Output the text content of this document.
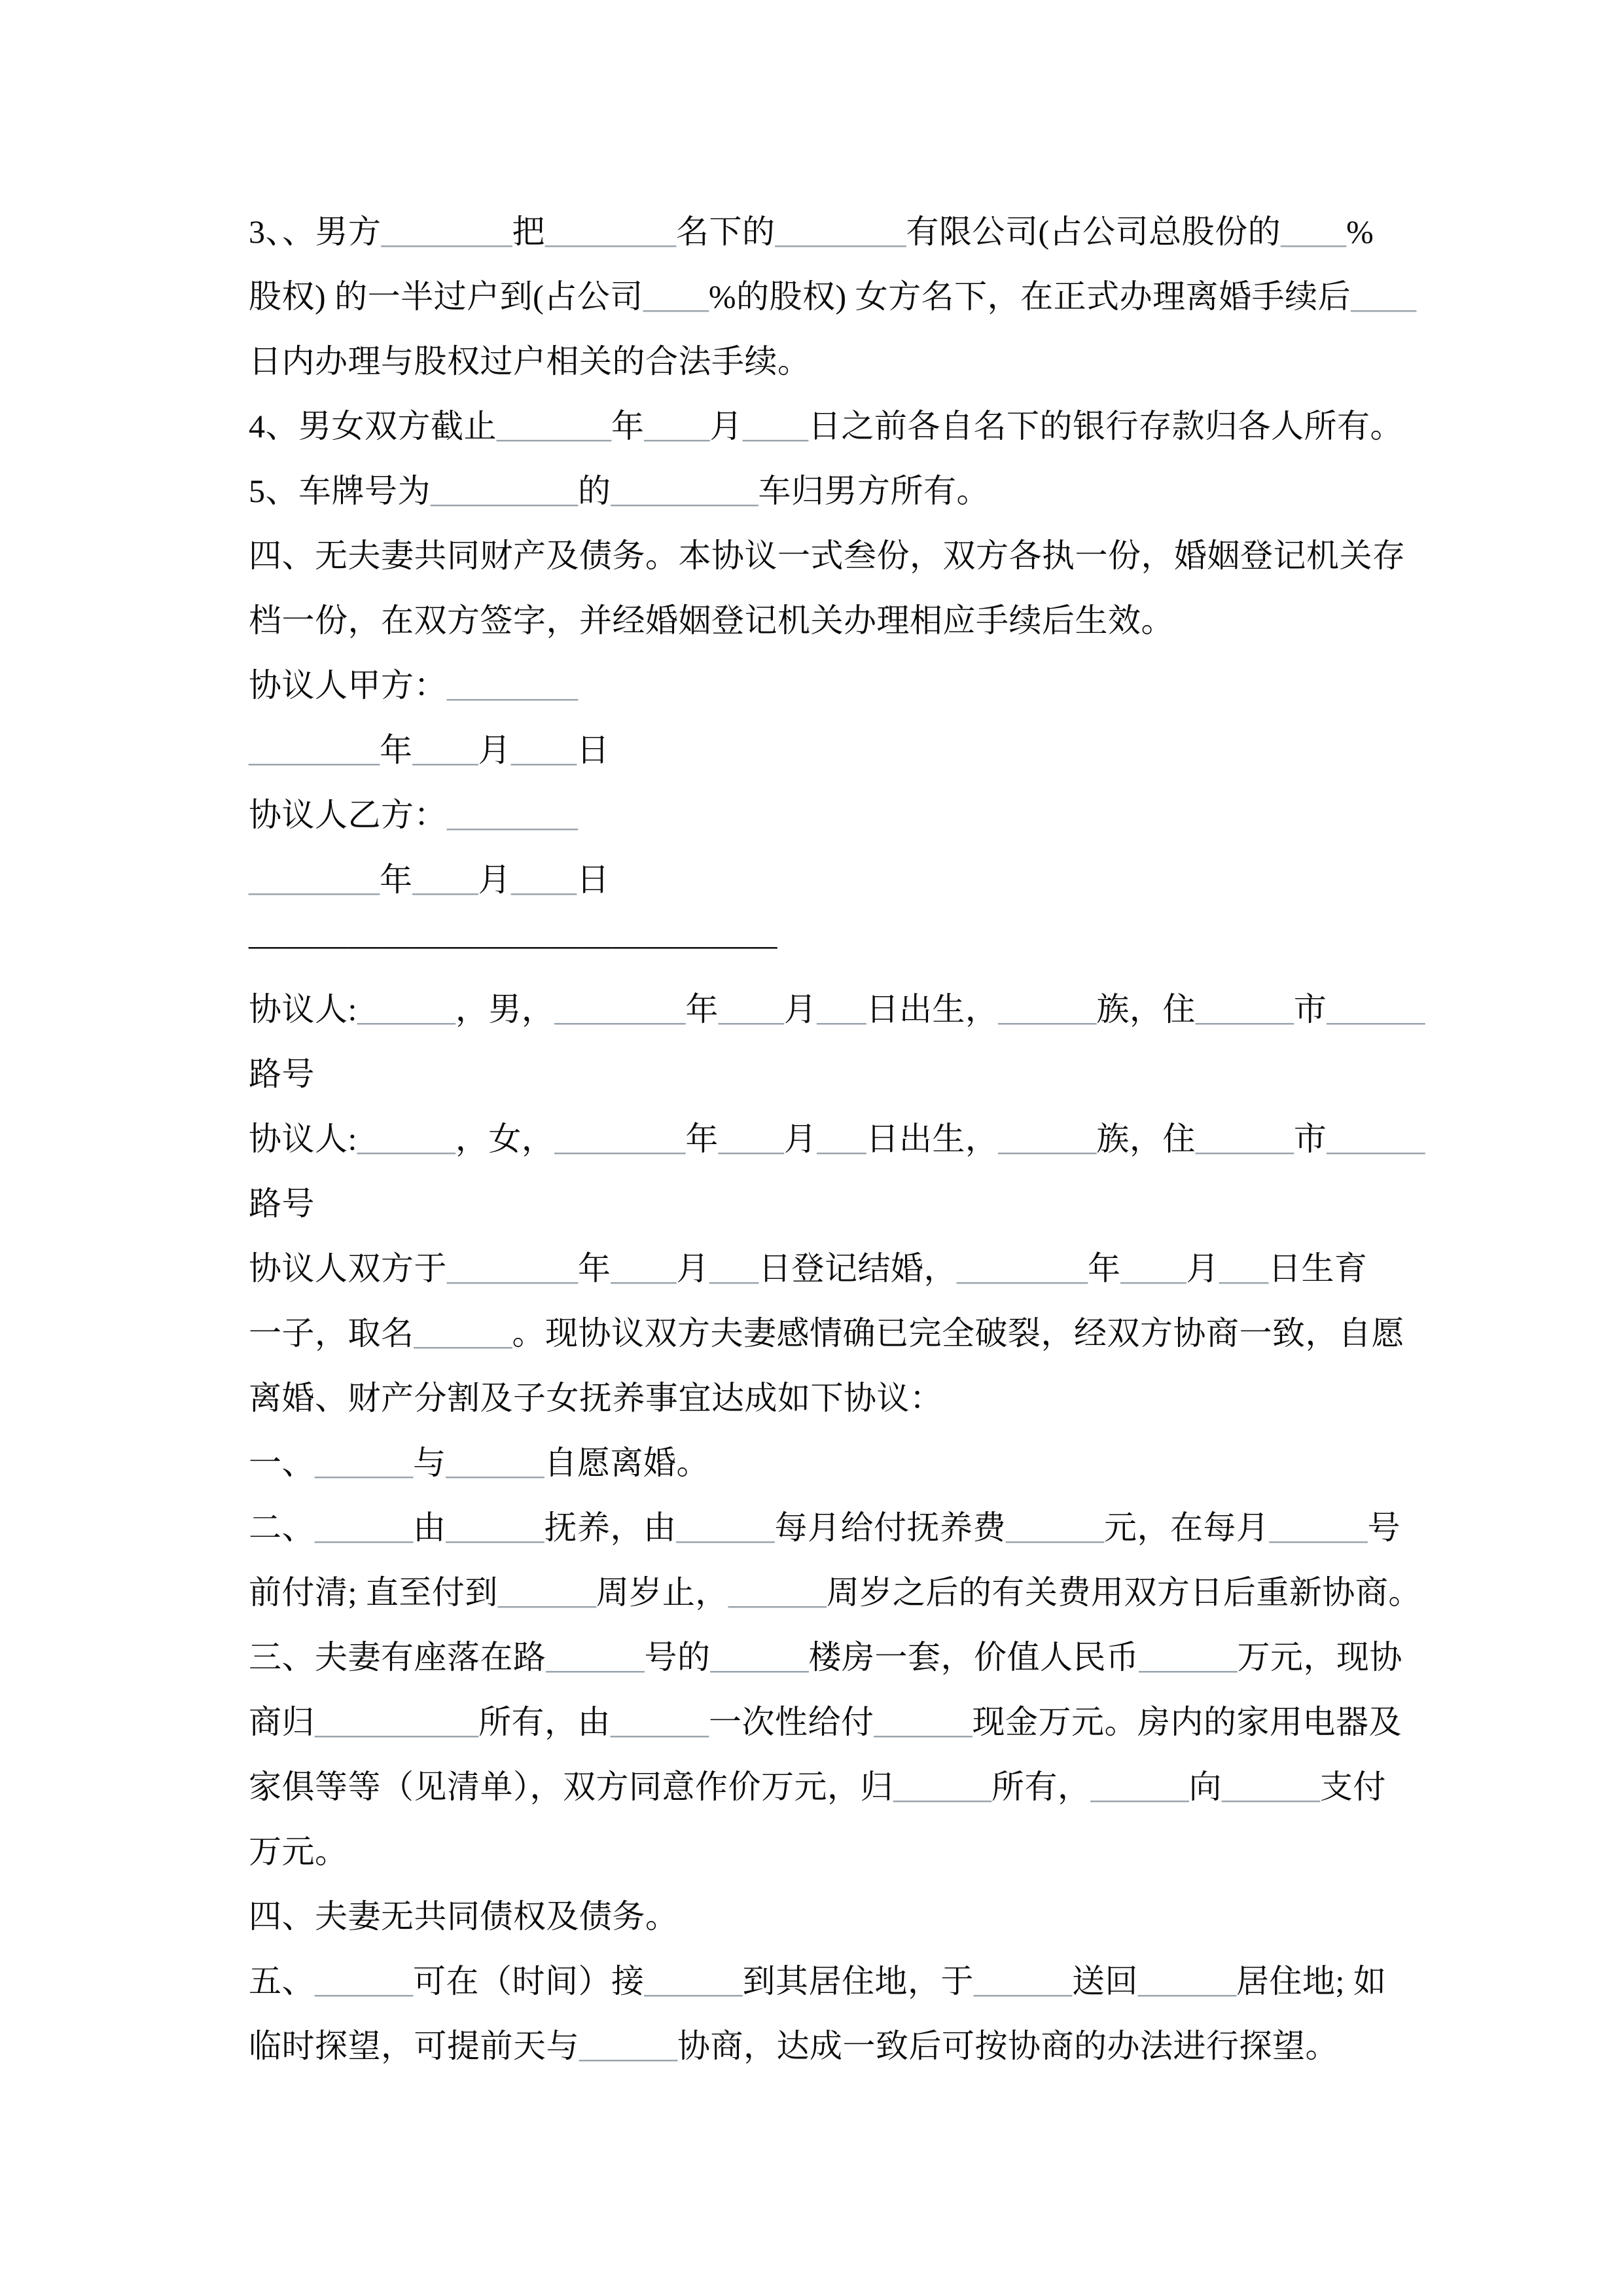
3、、男方________把________名下的________有限公司(占公司总股份的____%
股权) 的一半过户到(占公司____%的股权) 女方名下，在正式办理离婚手续后____
日内办理与股权过户相关的合法手续。
4、男女双方截止_______年____月____日之前各自名下的银行存款归各人所有。
5、车牌号为_________的_________车归男方所有。
四、无夫妻共同财产及债务。本协议一式叁份，双方各执一份，婚姻登记机关存
档一份，在双方签字，并经婚姻登记机关办理相应手续后生效。
协议人甲方：________
________年____月____日
协议人乙方：________
________年____月____日
————————————————
协议人:______，男，________年____月___日出生，______族，住______市______
路号
协议人:______，女，________年____月___日出生，______族，住______市______
路号
协议人双方于________年____月___日登记结婚，________年____月___日生育
一子，取名______。现协议双方夫妻感情确已完全破裂，经双方协商一致，自愿
离婚、财产分割及子女抚养事宜达成如下协议：
一、______与______自愿离婚。
二、______由______抚养，由______每月给付抚养费______元，在每月______号
前付清; 直至付到______周岁止，______周岁之后的有关费用双方日后重新协商。
三、夫妻有座落在路______号的______楼房一套，价值人民币______万元，现协
商归__________所有，由______一次性给付______现金万元。房内的家用电器及
家俱等等（见清单），双方同意作价万元，归______所有，______向______支付
万元。
四、夫妻无共同债权及债务。
五、______可在（时间）接______到其居住地，于______送回______居住地; 如
临时探望，可提前天与______协商，达成一致后可按协商的办法进行探望。
